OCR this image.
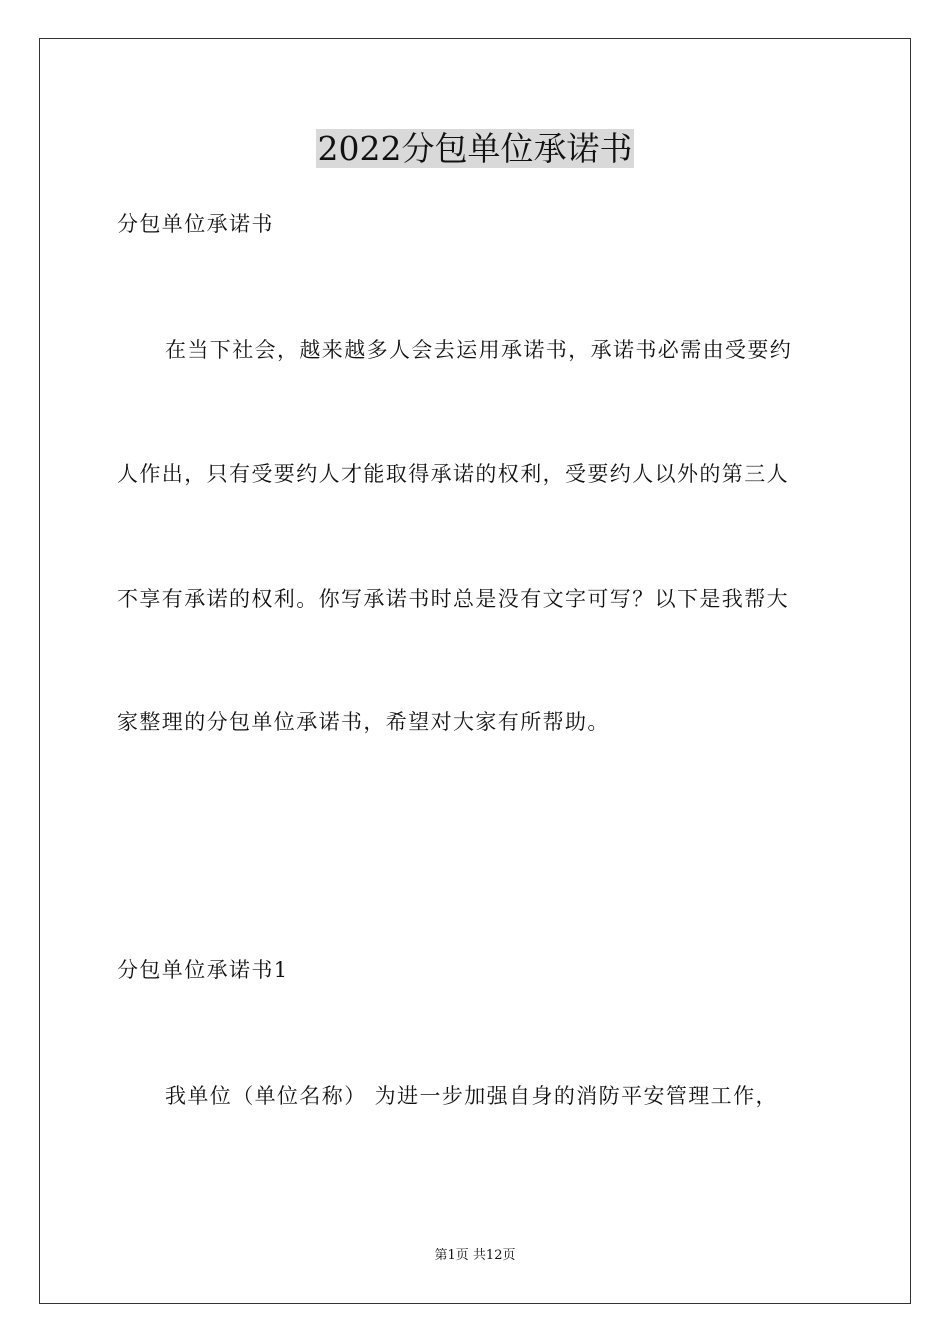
2022分包单位承诺书
分包单位承诺书
在当下社会，越来越多人会去运用承诺书，承诺书必需由受要约
人作出，只有受要约人才能取得承诺的权利，受要约人以外的第三人
不享有承诺的权利。你写承诺书时总是没有文字可写？以下是我帮大
家整理的分包单位承诺书，希望对大家有所帮助。
分包单位承诺书1
我单位（单位名称） 为进一步加强自身的消防平安管理工作，
第1页 共12页
